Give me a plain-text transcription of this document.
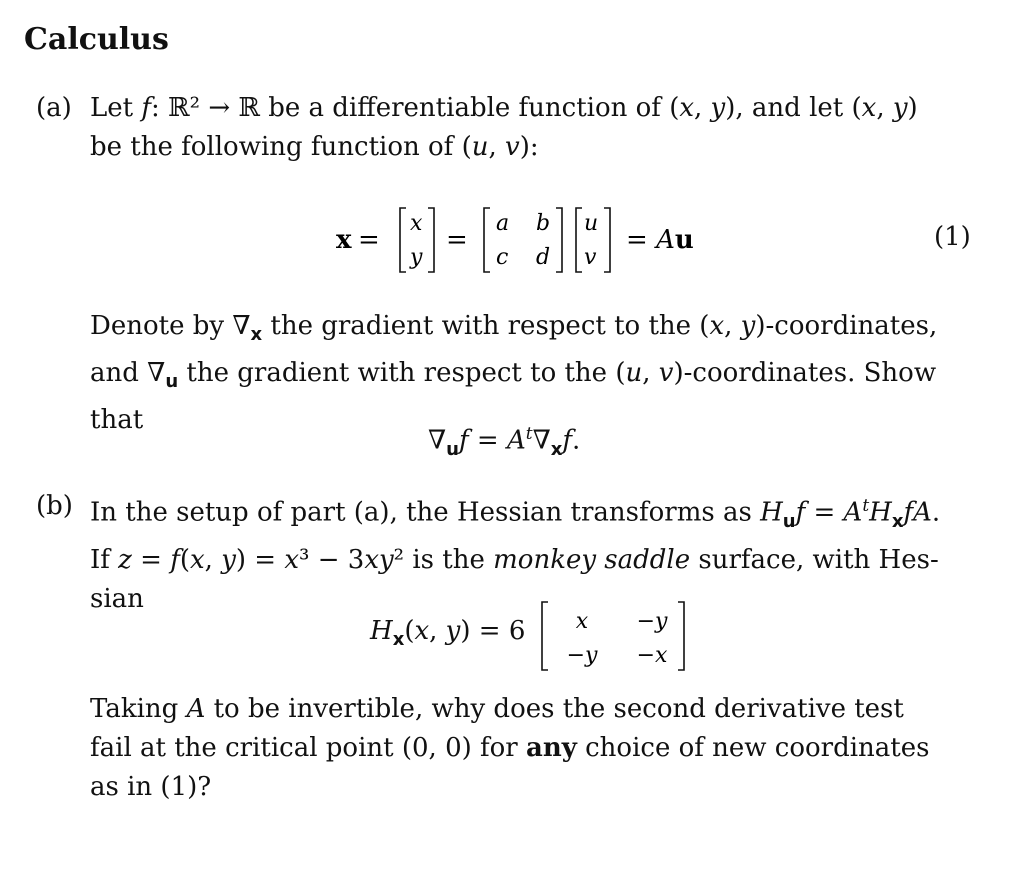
Calculus
(a) Let f: ℝ² → ℝ be a differentiable function of (x, y), and let (x, y)
be the following function of (u, v):
x =
x
y
=
a b
c d
u
v
= Au	(1)
Denote by $\nabla_x$ the gradient with respect to the (x, y)-coordinates,
and $\nabla_u$ the gradient with respect to the (u, v)-coordinates. Show
that
$\nabla_uf = A^t\nabla_xf$.
(b) In the setup of part (a), the Hessian transforms as $H_uf = A^tH_xfA$.
If z = f(x, y) = x³ − 3xy² is the monkey saddle surface, with Hes-
sian
$H_x(x$, y) = 6 x −y
−y −x
Taking A to be invertible, why does the second derivative test
fail at the critical point (0, 0) for any choice of new coordinates
as in (1)?
